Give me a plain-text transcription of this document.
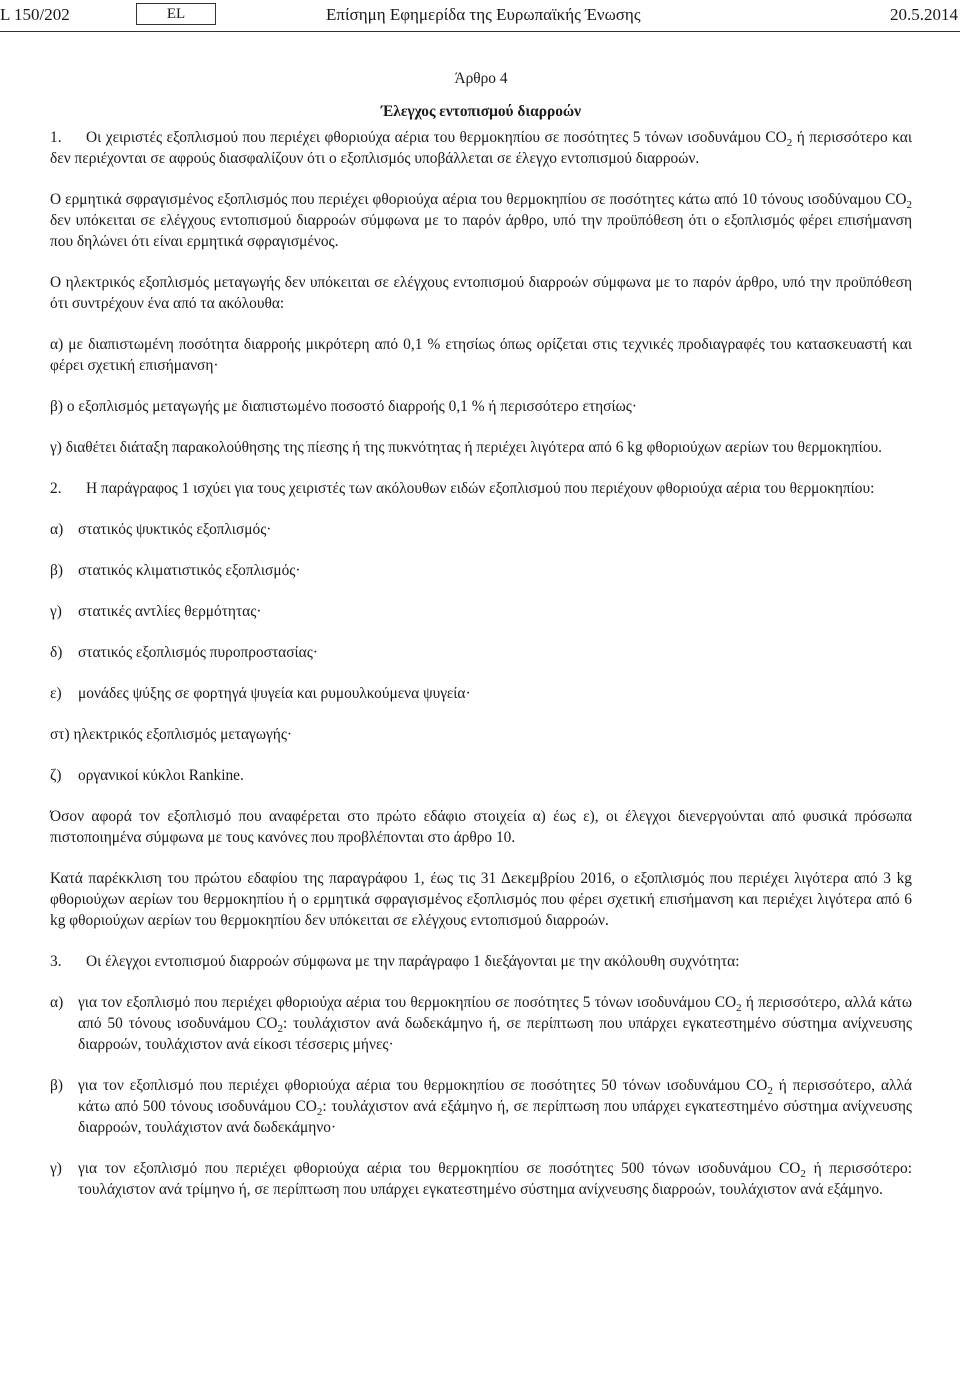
L 150/202	EL	Επίσημη Εφημερίδα της Ευρωπαϊκής Ένωσης	20.5.2014
Άρθρο 4
Έλεγχος εντοπισμού διαρροών
1. Οι χειριστές εξοπλισμού που περιέχει φθοριούχα αέρια του θερμοκηπίου σε ποσότητες 5 τόνων ισοδυνάμου $CO_2$ ή περισσότερο και δεν περιέχονται σε αφρούς διασφαλίζουν ότι ο εξοπλισμός υποβάλλεται σε έλεγχο εντοπισμού διαρροών.
Ο ερμητικά σφραγισμένος εξοπλισμός που περιέχει φθοριούχα αέρια του θερμοκηπίου σε ποσότητες κάτω από 10 τόνους ισοδύναμου $CO_2$ δεν υπόκειται σε ελέγχους εντοπισμού διαρροών σύμφωνα με το παρόν άρθρο, υπό την προϋπόθεση ότι ο εξοπλισμός φέρει επισήμανση που δηλώνει ότι είναι ερμητικά σφραγισμένος.
Ο ηλεκτρικός εξοπλισμός μεταγωγής δεν υπόκειται σε ελέγχους εντοπισμού διαρροών σύμφωνα με το παρόν άρθρο, υπό την προϋπόθεση ότι συντρέχουν ένα από τα ακόλουθα:
α) με διαπιστωμένη ποσότητα διαρροής μικρότερη από 0,1 % ετησίως όπως ορίζεται στις τεχνικές προδιαγραφές του κατασκευαστή και φέρει σχετική επισήμανση·
β) ο εξοπλισμός μεταγωγής με διαπιστωμένο ποσοστό διαρροής 0,1 % ή περισσότερο ετησίως·
γ) διαθέτει διάταξη παρακολούθησης της πίεσης ή της πυκνότητας ή περιέχει λιγότερα από 6 kg φθοριούχων αερίων του θερμοκηπίου.
2. Η παράγραφος 1 ισχύει για τους χειριστές των ακόλουθων ειδών εξοπλισμού που περιέχουν φθοριούχα αέρια του θερμοκηπίου:
α) στατικός ψυκτικός εξοπλισμός·
β) στατικός κλιματιστικός εξοπλισμός·
γ) στατικές αντλίες θερμότητας·
δ) στατικός εξοπλισμός πυροπροστασίας·
ε) μονάδες ψύξης σε φορτηγά ψυγεία και ρυμουλκούμενα ψυγεία·
στ) ηλεκτρικός εξοπλισμός μεταγωγής·
ζ) οργανικοί κύκλοι Rankine.
Όσον αφορά τον εξοπλισμό που αναφέρεται στο πρώτο εδάφιο στοιχεία α) έως ε), οι έλεγχοι διενεργούνται από φυσικά πρόσωπα πιστοποιημένα σύμφωνα με τους κανόνες που προβλέπονται στο άρθρο 10.
Κατά παρέκκλιση του πρώτου εδαφίου της παραγράφου 1, έως τις 31 Δεκεμβρίου 2016, ο εξοπλισμός που περιέχει λιγότερα από 3 kg φθοριούχων αερίων του θερμοκηπίου ή ο ερμητικά σφραγισμένος εξοπλισμός που φέρει σχετική επισήμανση και περιέχει λιγότερα από 6 kg φθοριούχων αερίων του θερμοκηπίου δεν υπόκειται σε ελέγχους εντοπισμού διαρροών.
3. Οι έλεγχοι εντοπισμού διαρροών σύμφωνα με την παράγραφο 1 διεξάγονται με την ακόλουθη συχνότητα:
α) για τον εξοπλισμό που περιέχει φθοριούχα αέρια του θερμοκηπίου σε ποσότητες 5 τόνων ισοδυνάμου $CO_2$ ή περισσότερο, αλλά κάτω από 50 τόνους ισοδυνάμου $CO_2$: τουλάχιστον ανά δωδεκάμηνο ή, σε περίπτωση που υπάρχει εγκατεστημένο σύστημα ανίχνευσης διαρροών, τουλάχιστον ανά είκοσι τέσσερις μήνες·
β) για τον εξοπλισμό που περιέχει φθοριούχα αέρια του θερμοκηπίου σε ποσότητες 50 τόνων ισοδυνάμου $CO_2$ ή περισσότερο, αλλά κάτω από 500 τόνους ισοδυνάμου $CO_2$: τουλάχιστον ανά εξάμηνο ή, σε περίπτωση που υπάρχει εγκατεστημένο σύστημα ανίχνευσης διαρροών, τουλάχιστον ανά δωδεκάμηνο·
γ) για τον εξοπλισμό που περιέχει φθοριούχα αέρια του θερμοκηπίου σε ποσότητες 500 τόνων ισοδυνάμου $CO_2$ ή περισσότερο: τουλάχιστον ανά τρίμηνο ή, σε περίπτωση που υπάρχει εγκατεστημένο σύστημα ανίχνευσης διαρροών, τουλάχιστον ανά εξάμηνο.
